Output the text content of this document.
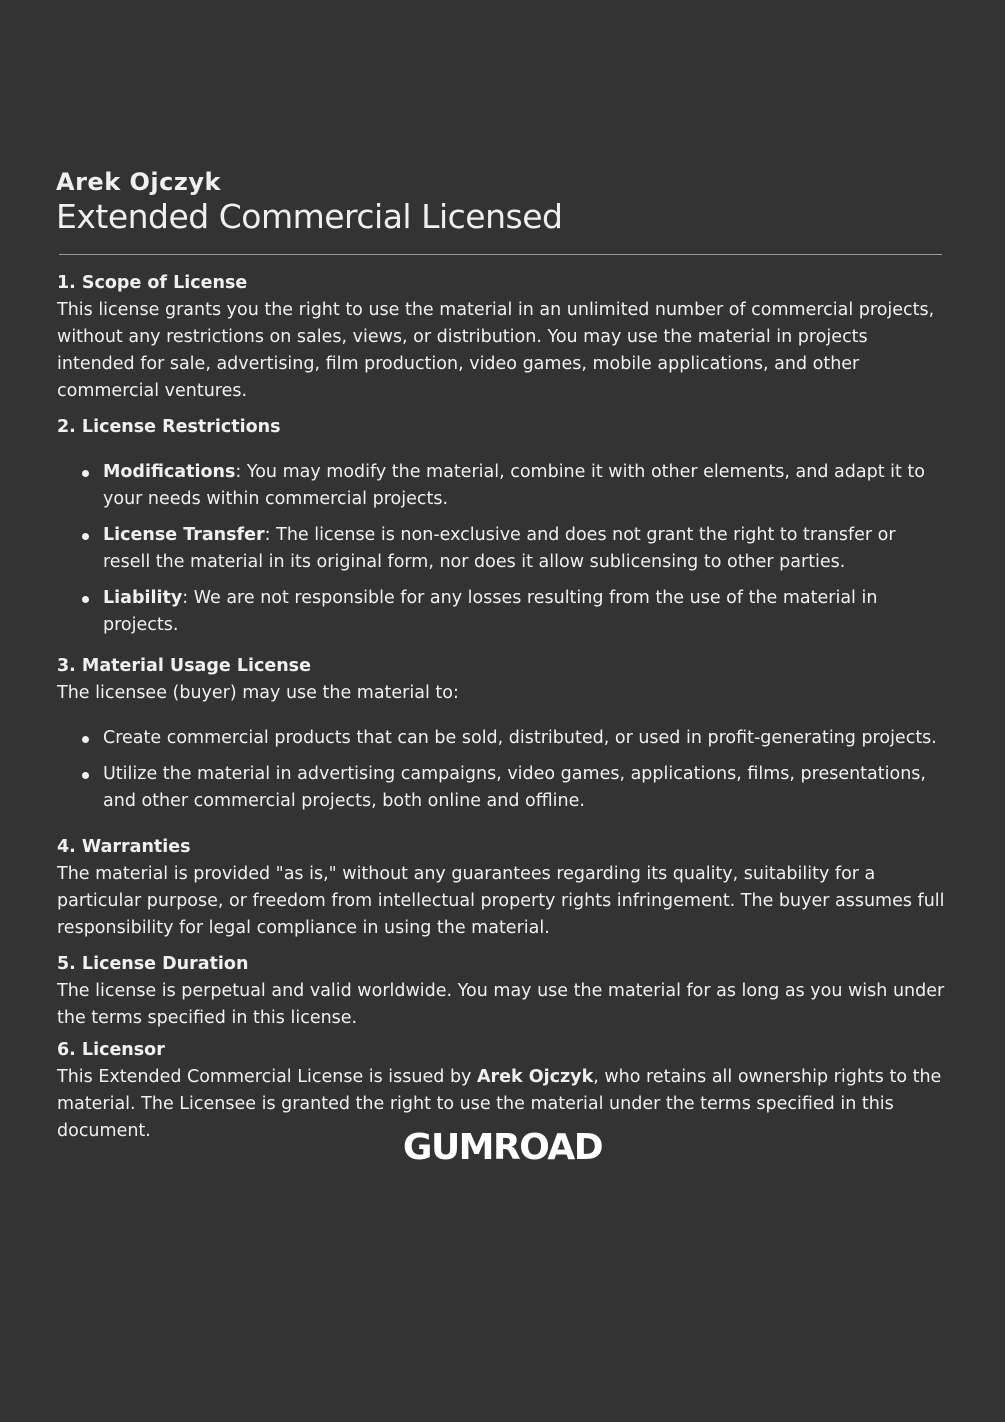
Arek Ojczyk
Extended Commercial Licensed
1. Scope of License

This license grants you the right to use the material in an unlimited number of commercial projects, without any restrictions on sales, views, or distribution. You may use the material in projects intended for sale, advertising, film production, video games, mobile applications, and other commercial ventures.

2. License Restrictions
Modifications: You may modify the material, combine it with other elements, and adapt it to your needs within commercial projects.
License Transfer: The license is non-exclusive and does not grant the right to transfer or resell the material in its original form, nor does it allow sublicensing to other parties.
Liability: We are not responsible for any losses resulting from the use of the material in projects.
3. Material Usage License

The licensee (buyer) may use the material to:

Create commercial products that can be sold, distributed, or used in profit-generating projects.
Utilize the material in advertising campaigns, video games, applications, films, presentations, and other commercial projects, both online and offline.
4. Warranties

The material is provided "as is," without any guarantees regarding its quality, suitability for a particular purpose, or freedom from intellectual property rights infringement. The buyer assumes full responsibility for legal compliance in using the material.

5. License Duration

The license is perpetual and valid worldwide. You may use the material for as long as you wish under the terms specified in this license.

6. Licensor

This Extended Commercial License is issued by Arek Ojczyk, who retains all ownership rights to the material. The Licensee is granted the right to use the material under the terms specified in this document.	GUMROAD
